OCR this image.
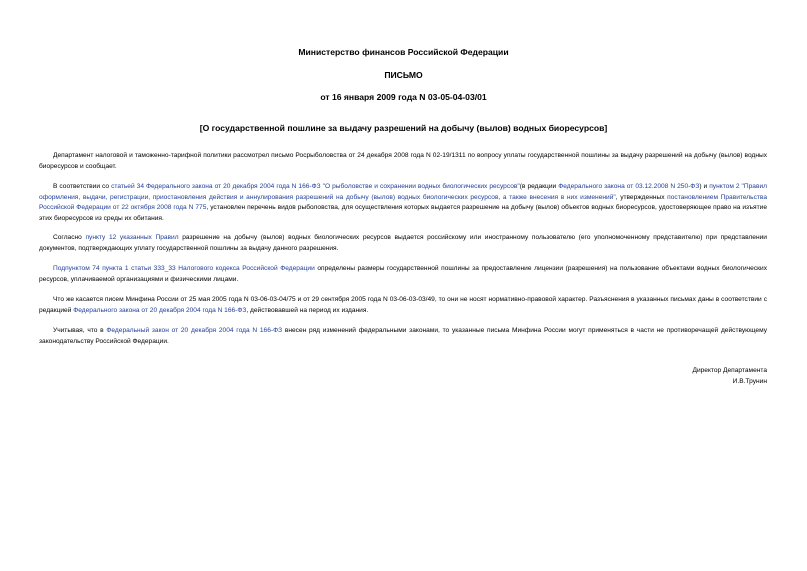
Министерство финансов Российской Федерации
ПИСЬМО
от 16 января 2009 года N 03-05-04-03/01
[О государственной пошлине за выдачу разрешений на добычу (вылов) водных биоресурсов]
Департамент налоговой и таможенно-тарифной политики рассмотрел письмо Росрыболовства от 24 декабря 2008 года N 02-19/1311 по вопросу уплаты государственной пошлины за выдачу разрешений на добычу (вылов) водных биоресурсов и сообщает.
В соответствии со статьей 34 Федерального закона от 20 декабря 2004 года N 166-ФЗ "О рыболовстве и сохранении водных биологических ресурсов"(в редакции Федерального закона от 03.12.2008 N 250-ФЗ) и пунктом 2 "Правил оформления, выдачи, регистрации, приостановления действия и аннулирования разрешений на добычу (вылов) водных биологических ресурсов, а также внесения в них изменений", утвержденных постановлением Правительства Российской Федерации от 22 октября 2008 года N 775, установлен перечень видов рыболовства, для осуществления которых выдается разрешение на добычу (вылов) объектов водных биоресурсов, удостоверяющее право на изъятие этих биоресурсов из среды их обитания.
Согласно пункту 12 указанных Правил разрешение на добычу (вылов) водных биологических ресурсов выдается российскому или иностранному пользователю (его уполномоченному представителю) при представлении документов, подтверждающих уплату государственной пошлины за выдачу данного разрешения.
Подпунктом 74 пункта 1 статьи 333_33 Налогового кодекса Российской Федерации определены размеры государственной пошлины за предоставление лицензии (разрешения) на пользование объектами водных биологических ресурсов, уплачиваемой организациями и физическими лицами.
Что же касается писем Минфина России от 25 мая 2005 года N 03-06-03-04/75 и от 29 сентября 2005 года N 03-06-03-03/49, то они не носят нормативно-правовой характер. Разъяснения в указанных письмах даны в соответствии с редакцией Федерального закона от 20 декабря 2004 года N 166-ФЗ, действовавшей на период их издания.
Учитывая, что в Федеральный закон от 20 декабря 2004 года N 166-ФЗ внесен ряд изменений федеральными законами, то указанные письма Минфина России могут применяться в части не противоречащей действующему законодательству Российской Федерации.
Директор Департамента
И.В.Трунин
